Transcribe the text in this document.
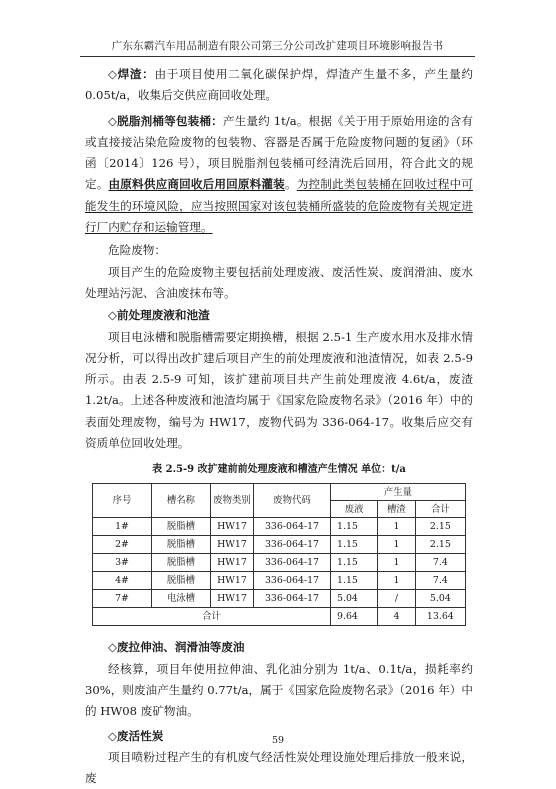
广东东霸汽车用品制造有限公司第三分公司改扩建项目环境影响报告书

◇焊渣：由于项目使用二氧化碳保护焊，焊渣产生量不多，产生量约 0.05t/a，收集后交供应商回收处理。

◇脱脂剂桶等包装桶：产生量约 1t/a。根据《关于用于原始用途的含有或直接接沾染危险废物的包装物、容器是否属于危险废物问题的复函》（环函〔2014〕126 号），项目脱脂剂包装桶可经清洗后回用，符合此文的规定。由原料供应商回收后用回原料灌装。为控制此类包装桶在回收过程中可能发生的环境风险，应当按照国家对该包装桶所盛装的危险废物有关规定进行厂内贮存和运输管理。

危险废物：

项目产生的危险废物主要包括前处理废液、废活性炭、废润滑油、废水处理站污泥、含油废抹布等。

◇前处理废液和池渣

项目电泳槽和脱脂槽需要定期换槽，根据 2.5-1 生产废水用水及排水情况分析，可以得出改扩建后项目产生的前处理废液和池渣情况，如表 2.5-9 所示。由表 2.5-9 可知，该扩建前项目共产生前处理废液 4.6t/a，废渣 1.2t/a。上述各种废液和池渣均属于《国家危险废物名录》（2016 年）中的表面处理废物，编号为 HW17，废物代码为 336-064-17。收集后应交有资质单位回收处理。

表 2.5-9 改扩建前前处理废液和槽渣产生情况 单位：t/a
序号	槽名称	废物类别	废物代码	产生量		
				废液	槽渣	合计
1#	脱脂槽	HW17	336-064-17	1.15	1	2.15
2#	脱脂槽	HW17	336-064-17	1.15	1	2.15
3#	脱脂槽	HW17	336-064-17	1.15	1	7.4
4#	脱脂槽	HW17	336-064-17	1.15	1	7.4
7#	电泳槽	HW17	336-064-17	5.04	/	5.04
合计				9.64	4	13.64

◇废拉伸油、润滑油等废油

经核算，项目年使用拉伸油、乳化油分别为 1t/a、0.1t/a，损耗率约 30%，则废油产生量约 0.77t/a，属于《国家危险废物名录》（2016 年）中的 HW08 废矿物油。

◇废活性炭

项目喷粉过程产生的有机废气经活性炭处理设施处理后排放一般来说，废

59
